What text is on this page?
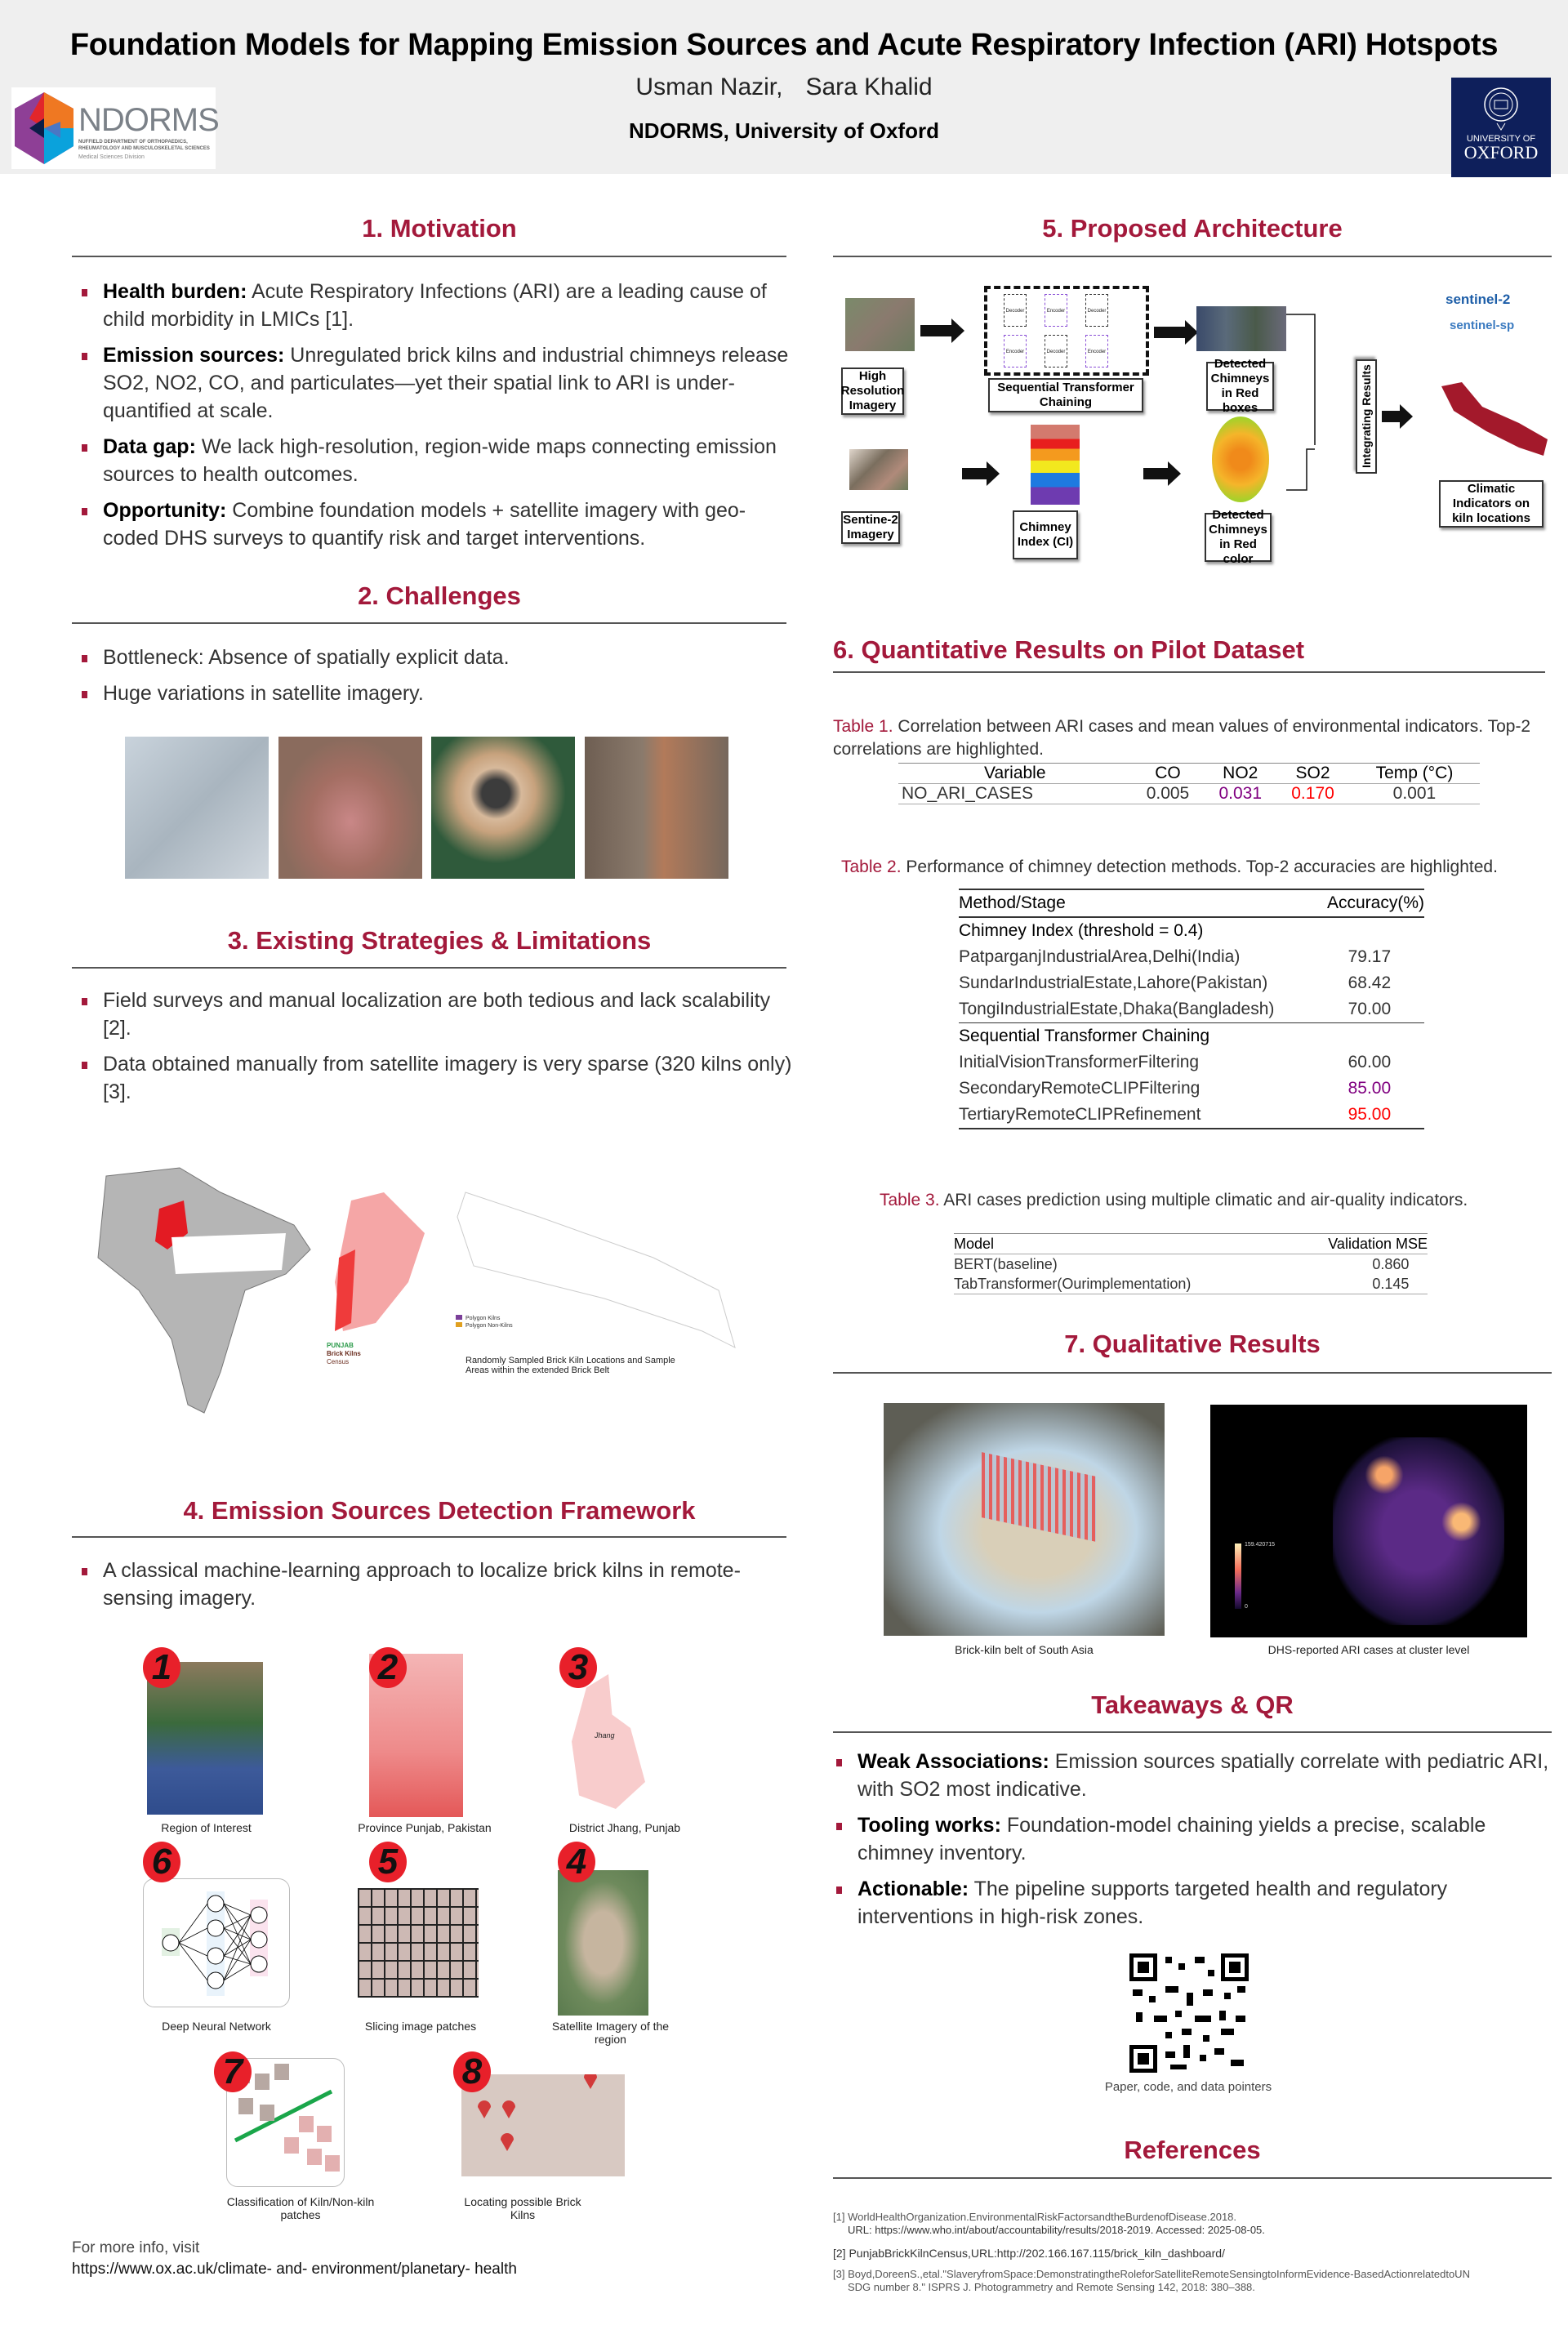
Foundation Models for Mapping Emission Sources and Acute Respiratory Infection (ARI) Hotspots
Usman Nazir, Sara Khalid
NDORMS, University of Oxford
NDORMS
NUFFIELD DEPARTMENT OF ORTHOPAEDICS,
RHEUMATOLOGY AND MUSCULOSKELETAL SCIENCES
Medical Sciences Division
UNIVERSITY OF
OXFORD
1. Motivation
Health burden: Acute Respiratory Infections (ARI) are a leading cause of child morbidity in LMICs [1].
Emission sources: Unregulated brick kilns and industrial chimneys release SO2, NO2, CO, and particulates—yet their spatial link to ARI is under-quantified at scale.
Data gap: We lack high-resolution, region-wide maps connecting emission sources to health outcomes.
Opportunity: Combine foundation models + satellite imagery with geo-coded DHS surveys to quantify risk and target interventions.
2. Challenges
Bottleneck: Absence of spatially explicit data.
Huge variations in satellite imagery.
3. Existing Strategies & Limitations
Field surveys and manual localization are both tedious and lack scalability [2].
Data obtained manually from satellite imagery is very sparse (320 kilns only) [3].
Polygon Kilns
Polygon Non-Kilns
PUNJAB
Brick Kilns
Census	Randomly Sampled Brick Kiln Locations and Sample Areas within the extended Brick Belt
4. Emission Sources Detection Framework
A classical machine-learning approach to localize brick kilns in remote-sensing imagery.
Jhang
1	2	3
Region of Interest	Province Punjab, Pakistan	District Jhang, Punjab
6	5	4
Deep Neural Network	Slicing image patches	Satellite Imagery of the region
7	8
Classification of Kiln/Non-kiln patches
Locating possible Brick Kilns
For more info, visit
https://www.ox.ac.uk/climate- and- environment/planetary- health
5. Proposed Architecture
Decoder	Encoder	Decoder
Encoder	Decoder	Encoder
High Resolution Imagery
Sequential Transformer Chaining
Detected Chimneys in Red boxes
Sentine-2 Imagery
Chimney Index (CI)
Detected Chimneys in Red color
Integrating Results
sentinel-2
sentinel-sp
Climatic Indicators on kiln locations
6. Quantitative Results on Pilot Dataset
Table 1. Correlation between ARI cases and mean values of environmental indicators. Top-2 correlations are highlighted.
Variable	CO	NO2	SO2	Temp (°C)
NO_ARI_CASES	0.005	0.031	0.170	0.001
Table 2. Performance of chimney detection methods. Top-2 accuracies are highlighted.
Method/Stage	Accuracy(%)
Chimney Index (threshold = 0.4)	
PatparganjIndustrialArea,Delhi(India)	79.17
SundarIndustrialEstate,Lahore(Pakistan)	68.42
TongiIndustrialEstate,Dhaka(Bangladesh)	70.00
Sequential Transformer Chaining	
InitialVisionTransformerFiltering	60.00
SecondaryRemoteCLIPFiltering	85.00
TertiaryRemoteCLIPRefinement	95.00
Table 3. ARI cases prediction using multiple climatic and air-quality indicators.
Model	Validation MSE
BERT(baseline)	0.860
TabTransformer(Ourimplementation)	0.145
7. Qualitative Results
159.420715
0
Brick-kiln belt of South Asia	DHS-reported ARI cases at cluster level
Takeaways & QR
Weak Associations: Emission sources spatially correlate with pediatric ARI, with SO2 most indicative.
Tooling works: Foundation-model chaining yields a precise, scalable chimney inventory.
Actionable: The pipeline supports targeted health and regulatory interventions in high-risk zones.
Paper, code, and data pointers
References
[1] WorldHealthOrganization.EnvironmentalRiskFactorsandtheBurdenofDisease.2018.
URL: https://www.who.int/about/accountability/results/2018-2019. Accessed: 2025-08-05.
[2] PunjabBrickKilnCensus,URL:http://202.166.167.115/brick_kiln_dashboard/
[3] Boyd,DoreenS.,etal."SlaveryfromSpace:DemonstratingtheRoleforSatelliteRemoteSensingtoInformEvidence-BasedActionrelatedtoUN
SDG number 8." ISPRS J. Photogrammetry and Remote Sensing 142, 2018: 380–388.
